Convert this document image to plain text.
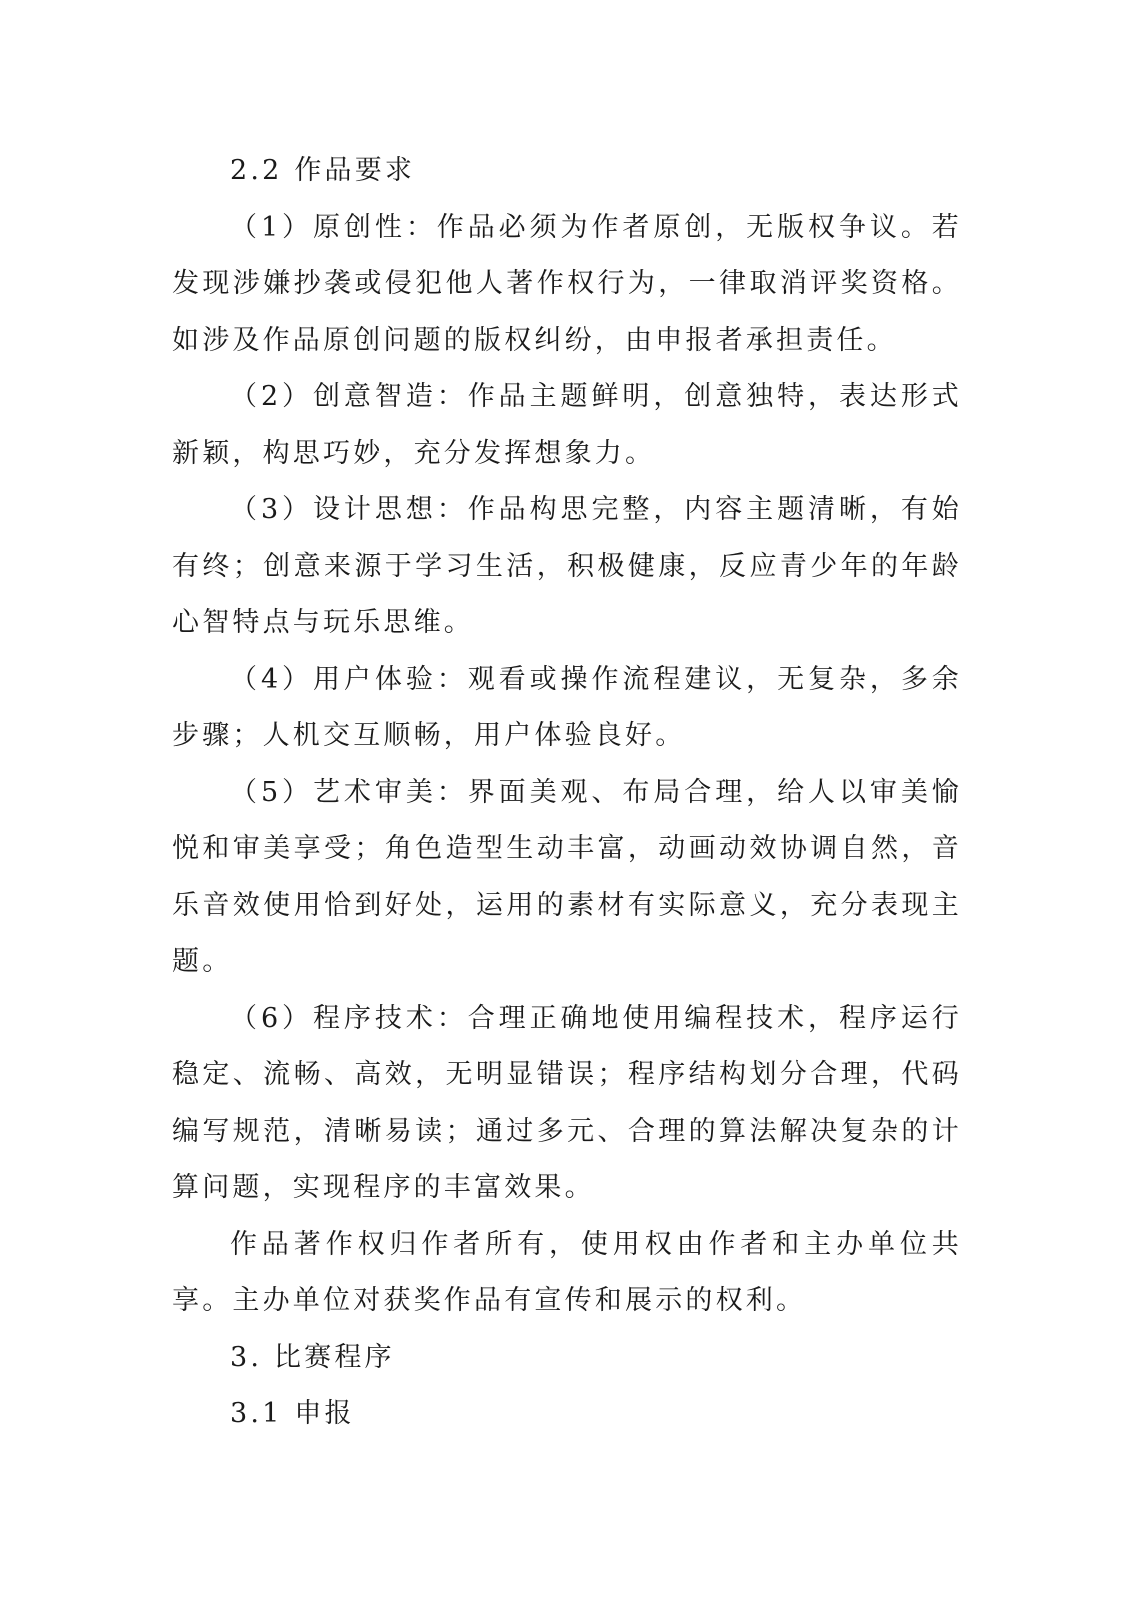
2.2 作品要求

（1）原创性：作品必须为作者原创，无版权争议。若发现涉嫌抄袭或侵犯他人著作权行为，一律取消评奖资格。如涉及作品原创问题的版权纠纷，由申报者承担责任。

（2）创意智造：作品主题鲜明，创意独特，表达形式新颖，构思巧妙，充分发挥想象力。

（3）设计思想：作品构思完整，内容主题清晰，有始有终；创意来源于学习生活，积极健康，反应青少年的年龄心智特点与玩乐思维。

（4）用户体验：观看或操作流程建议，无复杂，多余步骤；人机交互顺畅，用户体验良好。

（5）艺术审美：界面美观、布局合理，给人以审美愉悦和审美享受；角色造型生动丰富，动画动效协调自然，音乐音效使用恰到好处，运用的素材有实际意义，充分表现主题。

（6）程序技术：合理正确地使用编程技术，程序运行稳定、流畅、高效，无明显错误；程序结构划分合理，代码编写规范，清晰易读；通过多元、合理的算法解决复杂的计算问题，实现程序的丰富效果。

作品著作权归作者所有，使用权由作者和主办单位共享。主办单位对获奖作品有宣传和展示的权利。

3. 比赛程序

3.1 申报
